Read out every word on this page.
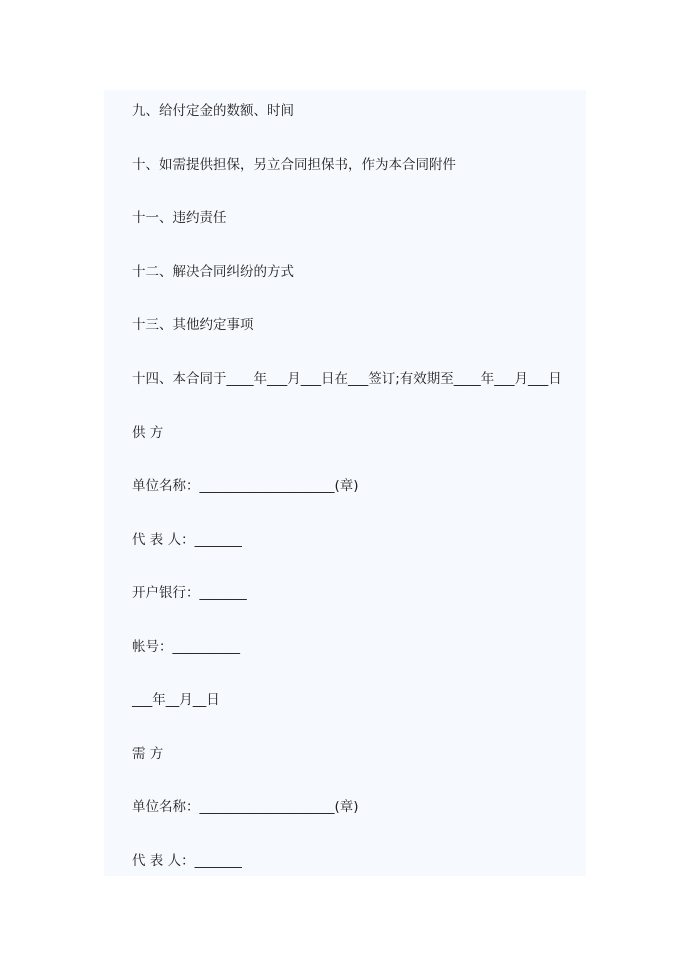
九、给付定金的数额、时间
十、如需提供担保，另立合同担保书，作为本合同附件
十一、违约责任
十二、解决合同纠纷的方式
十三、其他约定事项
十四、本合同于____年___月___日在___签订;有效期至____年___月___日
供 方
单位名称：____________________(章)
代 表 人：_______
开户银行：_______
帐号：__________
___年__月__日
需 方
单位名称：____________________(章)
代 表 人：_______
